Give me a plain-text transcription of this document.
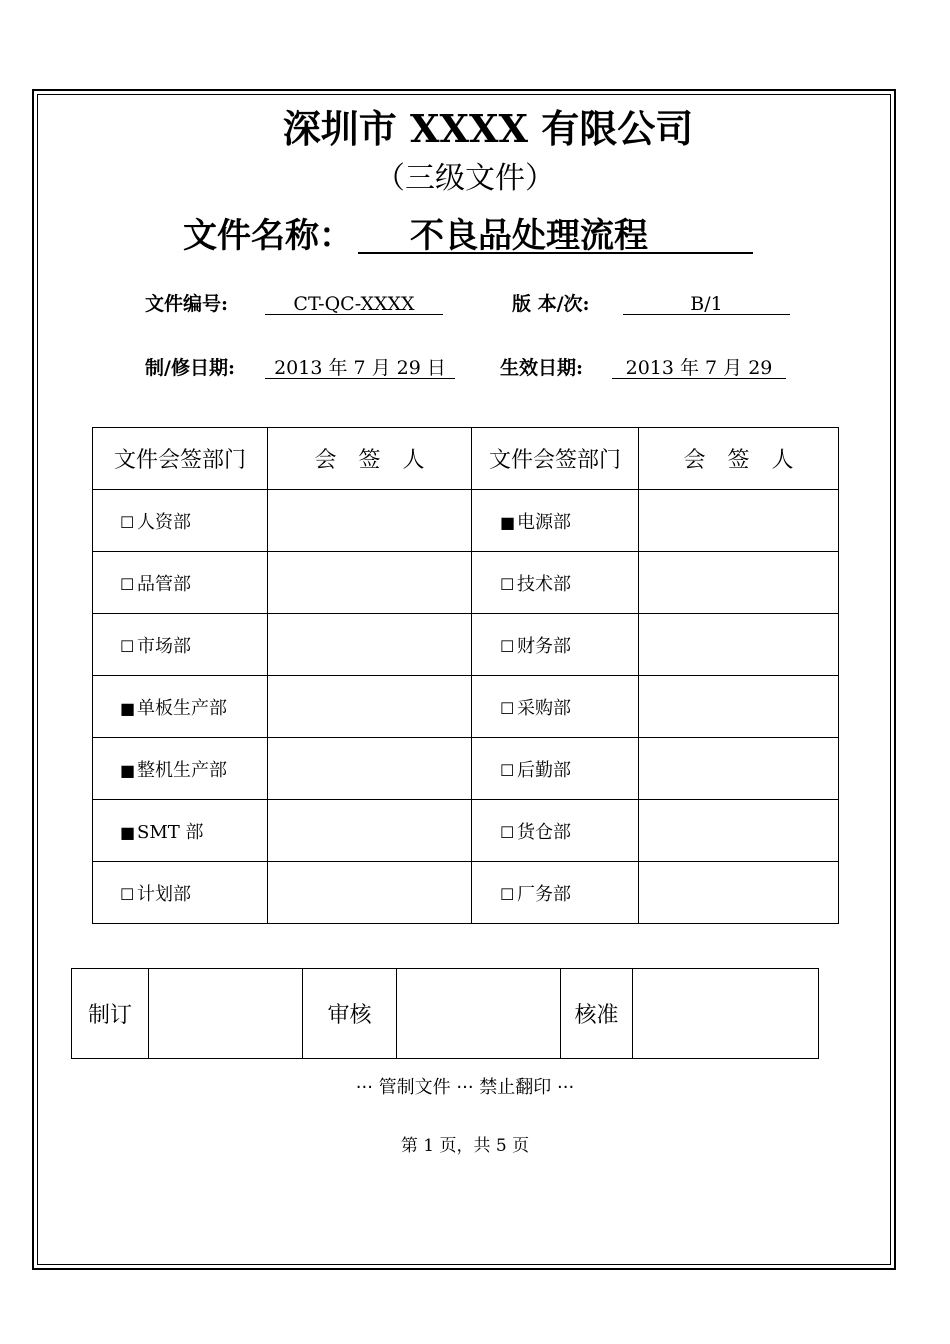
深圳市 XXXX 有限公司
（三级文件）
文件名称：	不良品处理流程
文件编号:	CT-QC-XXXX	版 本/次:	B/1
制/修日期:	2013 年 7 月 29 日	生效日期:	2013 年 7 月 29
文件会签部门	会　签　人	文件会签部门	会　签　人
☐ 人资部		■ 电源部	
☐ 品管部		☐ 技术部	
☐ 市场部		☐ 财务部	
■ 单板生产部		☐ 采购部	
■ 整机生产部		☐ 后勤部	
■ SMT 部		☐ 货仓部	
☐ 计划部		☐ 厂务部	
制订		审核		核准	
··· 管制文件 ··· 禁止翻印 ···
第 1 页，共 5 页
